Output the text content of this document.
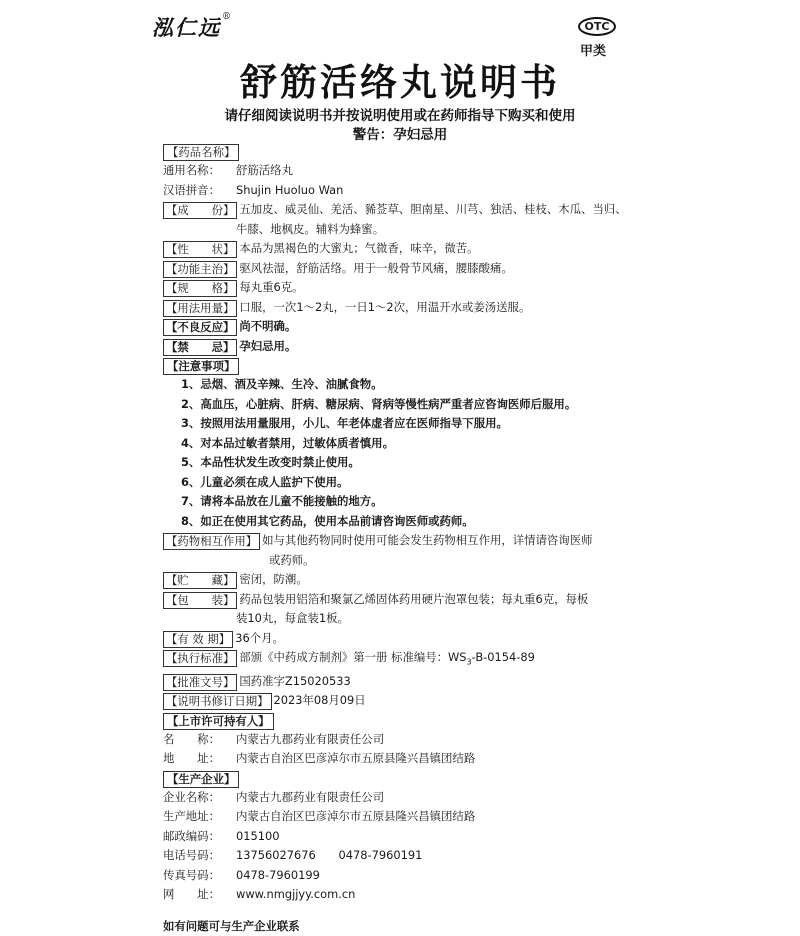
泓仁远®
OTC
甲类
舒筋活络丸说明书
请仔细阅读说明书并按说明使用或在药师指导下购买和使用
警告：孕妇忌用
【药品名称】
通用名称：	舒筋活络丸
汉语拼音：	Shujin Huoluo Wan
【成　　份】 五加皮、威灵仙、羌活、豨莶草、胆南星、川芎、独活、桂枝、木瓜、当归、
牛膝、地枫皮。辅料为蜂蜜。
【性　　状】 本品为黑褐色的大蜜丸；气微香，味辛，微苦。
【功能主治】 驱风祛湿，舒筋活络。用于一般骨节风痛，腰膝酸痛。
【规　　格】 每丸重6克。
【用法用量】 口服，一次1～2丸，一日1～2次，用温开水或姜汤送服。
【不良反应】 尚不明确。
【禁　　忌】 孕妇忌用。
【注意事项】
1、忌烟、酒及辛辣、生冷、油腻食物。
2、高血压，心脏病、肝病、糖尿病、肾病等慢性病严重者应咨询医师后服用。
3、按照用法用量服用，小儿、年老体虚者应在医师指导下服用。
4、对本品过敏者禁用，过敏体质者慎用。
5、本品性状发生改变时禁止使用。
6、儿童必须在成人监护下使用。
7、请将本品放在儿童不能接触的地方。
8、如正在使用其它药品，使用本品前请咨询医师或药师。
【药物相互作用】 如与其他药物同时使用可能会发生药物相互作用，详情请咨询医师
或药师。
【贮　　藏】 密闭，防潮。
【包　　装】 药品包装用铝箔和聚氯乙烯固体药用硬片泡罩包装；每丸重6克，每板
装10丸，每盒装1板。
【有 效 期】 36个月。
【执行标准】 部颁《中药成方制剂》第一册 标准编号：$WS_3-B-0154-89$
【批准文号】 国药准字Z15020533
【说明书修订日期】 2023年08月09日
【上市许可持有人】
名　　称：	内蒙古九郡药业有限责任公司
地　　址：	内蒙古自治区巴彦淖尔市五原县隆兴昌镇团结路
【生产企业】
企业名称：	内蒙古九郡药业有限责任公司
生产地址：	内蒙古自治区巴彦淖尔市五原县隆兴昌镇团结路
邮政编码：	015100
电话号码：	13756027676　　0478-7960191
传真号码：	0478-7960199
网　　址：	www.nmgjjyy.com.cn
如有问题可与生产企业联系
